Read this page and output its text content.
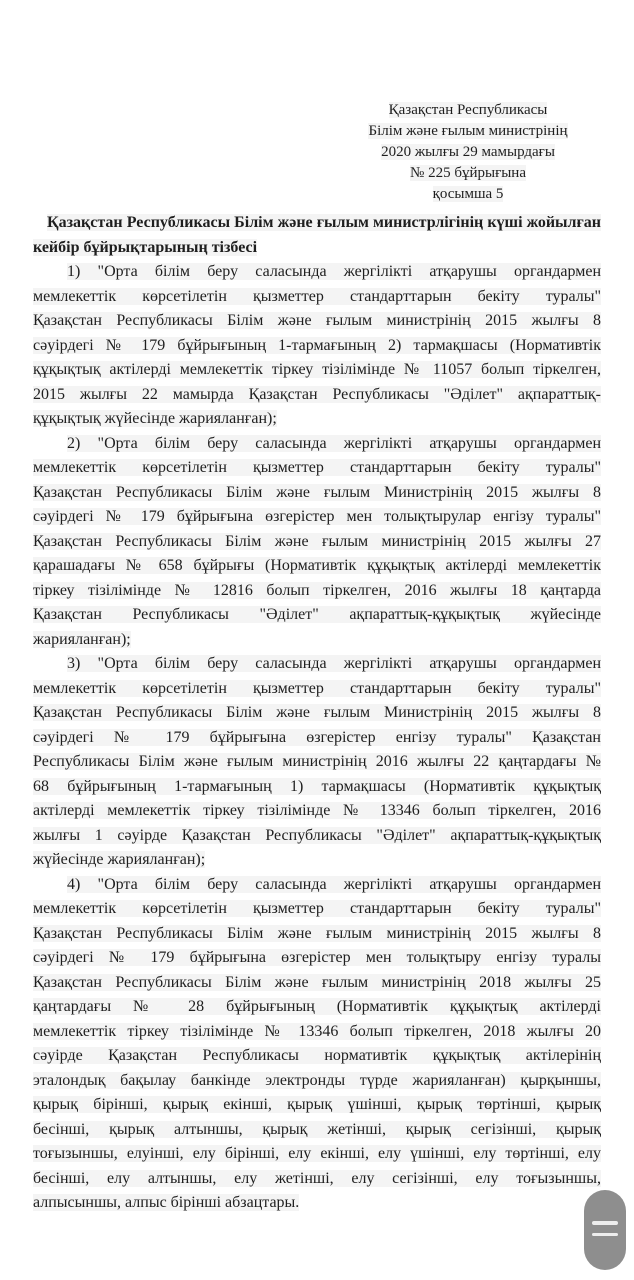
Қазақстан Республикасы
Білім және ғылым министрінің
2020 жылғы 29 мамырдағы
№ 225 бұйрығына
қосымша 5
Қазақстан Республикасы Білім және ғылым министрлігінің күші жойылған
кейбір бұйрықтарының тізбесі
1) "Орта білім беру саласында жергілікті атқарушы органдармен
мемлекеттік көрсетілетін қызметтер стандарттарын бекіту туралы"
Қазақстан Республикасы Білім және ғылым министрінің 2015 жылғы 8
сәуірдегі № 179 бұйрығының 1-тармағының 2) тармақшасы (Нормативтік
құқықтық актілерді мемлекеттік тіркеу тізілімінде № 11057 болып тіркелген,
2015 жылғы 22 мамырда Қазақстан Республикасы "Әділет" ақпараттық-
құқықтық жүйесінде жарияланған);
2) "Орта білім беру саласында жергілікті атқарушы органдармен
мемлекеттік көрсетілетін қызметтер стандарттарын бекіту туралы"
Қазақстан Республикасы Білім және ғылым Министрінің 2015 жылғы 8
сәуірдегі № 179 бұйрығына өзгерістер мен толықтырулар енгізу туралы"
Қазақстан Республикасы Білім және ғылым министрінің 2015 жылғы 27
қарашадағы № 658 бұйрығы (Нормативтік құқықтық актілерді мемлекеттік
тіркеу тізілімінде № 12816 болып тіркелген, 2016 жылғы 18 қаңтарда
Қазақстан Республикасы "Әділет" ақпараттық-құқықтық жүйесінде
жарияланған);
3) "Орта білім беру саласында жергілікті атқарушы органдармен
мемлекеттік көрсетілетін қызметтер стандарттарын бекіту туралы"
Қазақстан Республикасы Білім және ғылым Министрінің 2015 жылғы 8
сәуірдегі № 179 бұйрығына өзгерістер енгізу туралы" Қазақстан
Республикасы Білім және ғылым министрінің 2016 жылғы 22 қаңтардағы №
68 бұйрығының 1-тармағының 1) тармақшасы (Нормативтік құқықтық
актілерді мемлекеттік тіркеу тізілімінде № 13346 болып тіркелген, 2016
жылғы 1 сәуірде Қазақстан Республикасы "Әділет" ақпараттық-құқықтық
жүйесінде жарияланған);
4) "Орта білім беру саласында жергілікті атқарушы органдармен
мемлекеттік көрсетілетін қызметтер стандарттарын бекіту туралы"
Қазақстан Республикасы Білім және ғылым министрінің 2015 жылғы 8
сәуірдегі № 179 бұйрығына өзгерістер мен толықтыру енгізу туралы
Қазақстан Республикасы Білім және ғылым министрінің 2018 жылғы 25
қаңтардағы № 28 бұйрығының (Нормативтік құқықтық актілерді
мемлекеттік тіркеу тізілімінде № 13346 болып тіркелген, 2018 жылғы 20
сәуірде Қазақстан Республикасы нормативтік құқықтық актілерінің
эталондық бақылау банкінде электронды түрде жарияланған) қырқыншы,
қырық бірінші, қырық екінші, қырық үшінші, қырық төртінші, қырық
бесінші, қырық алтыншы, қырық жетінші, қырық сегізінші, қырық
тоғызыншы, елуінші, елу бірінші, елу екінші, елу үшінші, елу төртінші, елу
бесінші, елу алтыншы, елу жетінші, елу сегізінші, елу тоғызыншы,
алпысыншы, алпыс бірінші абзацтары.
